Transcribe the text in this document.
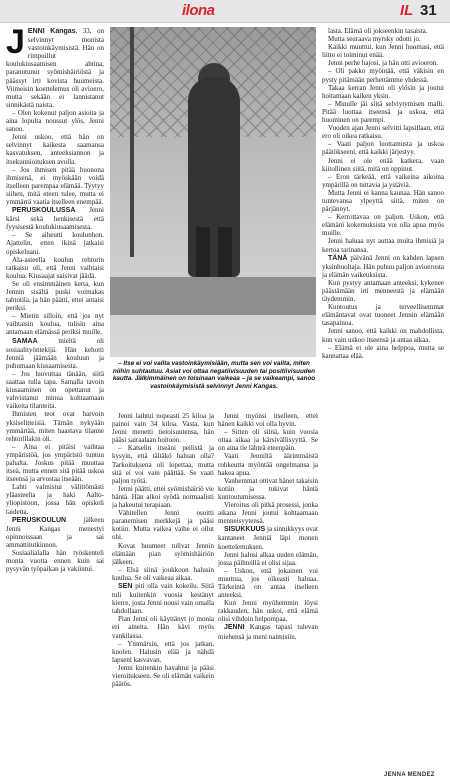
ilona	IL 31

JENNI Kangas, 33, on selvinnyt monista vastoinkäymisistä. Hän on rimpuillut koulukiusaamisen ahtina, paranutunut syömishäiriöstä ja päässyt irti kovista huumeista. Viimeisin koettelemus oli avioero, mutta sekään ei lannistanut sinnikästä naista.

– Olen kokenut paljon asioita ja aina lopulta noussut ylös, Jenni sanoo.

Jenni uskoo, että hän on selvinnyt kaikesta saamansa kasvatuksen, anteeksiannon ja itsekunnioituksen avulla.

– Jos ihmisen pitää huonona ihmisenä, ei myöskään voidä itselleen parempaa elämää. Tyytyy siihen, mitä eteen tulee, mutta ei ymmärrä vaatia itselleen enempää.

PERUSKOULUSSA Jenni kärsi sekä henkisestä että fyysisestä koulukiusaamisesta.

– Se aiheutti koulunhon. Ajattelin, etten ikinä jatkaisi opiskeluani.

Ala-asteella koulun rehtorin ratkaisu oli, että Jenni vaihtaisi koulua. Kiusaajat saisivat jäädä.

Se oli ensimmäinen kerta, kun Jennin sisältä puski voimakas tahtotila, ja hän päätti, ettei antaisi periksi.

– Mietin silloin, että jos nyt vaihtaisin koulua, tulisin aina antamaan elämässä periksi muille.

SAMAA mieltä oli sosiaalityöntekijä. Hän kehotti Jenniä jäämään kouluun ja puhumaan kiusaamisesta.

– Jos luovuttaa tänään, siitä saattaa tulla tapa. Samalla tavoin kiusaaminen on opettanut ja vahvistanut minua kohtaamaan vaikeita tilanteita.

Ihmisten teot ovat harvoin yksiselitteisiä. Tämän nykyään ymmärtää, miten haastava tilanne rehtorillakin oli.

– Aina ei pitäisi vaihtaa ympäristöä, jos ympäristö tuntuu pahalta. Joskus pitää muuttaa itseä, mutta ennen sitä pitää uskoa itseensä ja arvostaa itseään.

Lahti valmistui välittömästi yläasteelta ja haki Aalto-yliopistoon, jossa hän opiskeli taidetta.

PERUSKOULUN jälkeen Jenni Kangas menestyi opinnoissaan ja sai ammattitutkinnon.

Sosiaalialalla hän työskenteli monta vuotta ennen kuin sai pysyvän työpaikan ja vakiintui.

– Itse ei voi valita vastoinkäymisiään, mutta sen voi valita, miten niihin suhtautuu. Asiat voi ottaa negatiivisuuden tai positiivisuuden kautta. Jälkimmäinen on toisinaan vaikeaa – ja se vaikeampi, sanoo vastoinkäymisistä selvinnyt Jenni Kangas.

Jenni laihtui nopeasti 25 kiloa ja painoi vain 34 kiloa. Vasta, kun Jenni menetti tietoisuutensa, hän pääsi sairaalaan hoitoon.

– Katselin itseäni peilistä ja kysyin, että tältäkö haluan olla? Tarkoituksena oli lopettaa, mutta sitä ei voi vain päättää. Se vaati paljon työtä.

Jenni päätti, ettei syömishäiriö vie häntä. Hän alkoi syödä normaalisti ja hakeutui terapiaan.

Vähitellen Jenni osoitti paranemisen merkkejä ja pääsi kotiin. Mutta vaikea vaihe ei ollut ohi.

Kovat huumeet tulivat Jennin elämään pian syömishäiriön jälkeen.

– Elsä siinä joukkoon halusin kuulua. Se oli vaikeaa aikaa.

SEN piti olla vain kokeilu. Siitä tuli kuitenkin vuosia kestänyt kierre, josta Jenni nousi vain omalla tahdollaan.

Pian Jenni oli käyttänyt jo monia eri aineita. Hän kävi myös vankilassa.

– Ymmärsin, että jos jatkan, kuolen. Halusin elää ja nähdä lapseni kasvavan.

Jenni kuitenkin havahtui ja pääsi vieroitukseen. Se oli elämän vaikein päätös.

Jenni myönsi itselleen, ettei hänen kaikki voi olla hyvin.

– Sitten oli siinä, kuin vuosia ottaa aikaa ja kärsivällisyyttä. Se on aina tie lähteä eteenpäin.

Vaati Jenniltä äärimmäistä rohkeutta myöntää ongelmansa ja hakea apua.

Vanhemmat ottivat hänet takaisin kotiin ja tukivat häntä kuntoutumisessa.

Vieroitus oli pitkä prosessi, jonka aikana Jenni joutui kohtaamaan menneisyytensä.

SISUKKUUS ja sinnikkyys ovat kantaneet Jenniä läpi monen koettelemuksen.

Jenni halusi alkaa uuden elämän, jossa päihteillä ei olisi sijaa.

– Uskon, että jokainen voi muuttua, jos oikeasti haluaa. Tärkeintä on antaa itselleen anteeksi.

Kun Jenni myöhemmin löysi rakkauden, hän uskoi, että elämä olisi vihdoin helpompaa.

JENNI Kangas tapasi tulevan miehensä ja meni naimisiin.

lasta. Elämä oli jokseenkin tasaista.

Mutta seuraava myrsky odotti jo.

Kaikki muuttui, kun Jenni huomasi, että liitto ei toiminut enää.

Jenni perhe hajosi, ja hän otti avioeron.

– Oli pakko myöntää, että väkisin en pysty pitämään perhettämme yhdessä.

Takaa kerran Jenni oli ylösin ja joutui hoitamaan kaiken yksin.

– Minulle jäi siitä selviytymisen malli. Pitää luottaa itseensä ja uskoa, että huominen on parempi.

Vuoden ajan Jenni selvitti lapsillaan, että ero oli oikea ratkaisu.

– Vaati paljon luottamusta ja uskoa päätökseeni, että kaikki järjestyy.

Jenni ei ole enää katkera, vaan kiitollinen siitä, mitä on oppinut.

– Eron tärkeää, että vaikeina aikoina ympärillä on tuttavia ja ystäviä.

Mutta Jenni ei kanna kaunaa. Hän sanoo tuntevansa ylpeyttä siitä, miten on pärjännyt.

– Kerrottavaa on paljon. Uskon, että elämäni kokemuksista voi olla apua myös muille.

Jenni haluaa nyt auttaa muita ihmisiä ja kertoa tarinansa.

TÄNÄ päivänä Jenni on kahden lapsen yksinhuoltaja. Hän puhuu paljon avioerosta ja elämän vaikeuksista.

Kun pystyy antamaan anteeksi, kykenee päästämään irti menneestä ja elämään täydemmin.

Kuntoutus ja terveellisemmat elämäntavat ovat tuoneet Jennin elämään tasapainoa.

Jenni sanoo, että kaikki on mahdollista, kun vain uskoo itseensä ja antaa aikaa.

– Elämä ei ole aina helppoa, mutta se kannattaa elää.

JENNA MENDEZ
